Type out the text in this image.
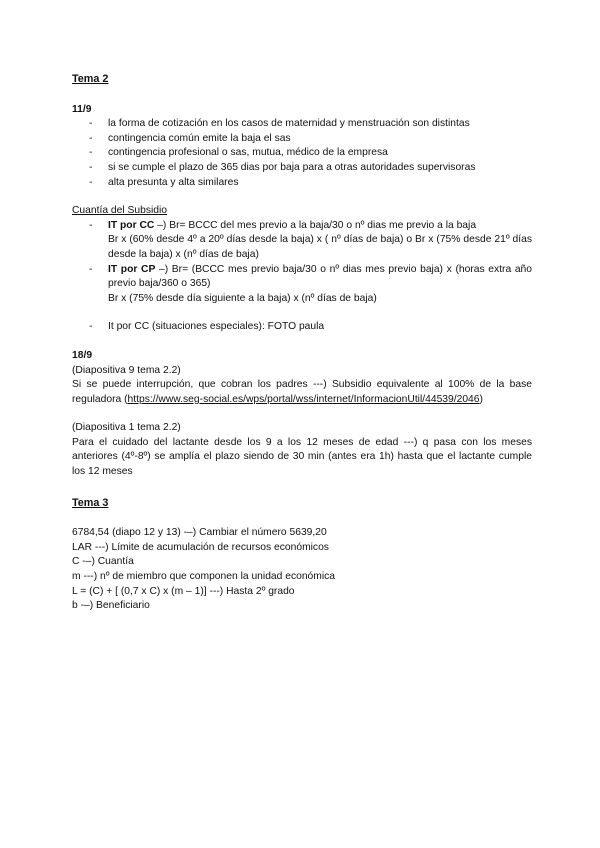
Tema 2

11/9

- la forma de cotización en los casos de maternidad y menstruación son distintas
- contingencia común emite la baja el sas
- contingencia profesional o sas, mutua, médico de la empresa
- si se cumple el plazo de 365 dias por baja para a otras autoridades supervisoras
- alta presunta y alta similares

Cuantía del Subsidio

- IT por CC –) Br= BCCC del mes previo a la baja/30 o nº dias me previo a la baja
Br x (60% desde 4º a 20º días desde la baja) x ( nº días de baja) o Br x (75% desde 21º días desde la baja) x (nº días de baja)
- IT por CP –) Br= (BCCC mes previo baja/30 o nº dias mes previo baja) x (horas extra año previo baja/360 o 365)
Br x (75% desde día siguiente a la baja) x (nº días de baja)
- It por CC (situaciones especiales): FOTO paula

18/9

(Diapositiva 9 tema 2.2)

Si se puede interrupción, que cobran los padres ---) Subsidio equivalente al 100% de la base reguladora (https://www.seg-social.es/wps/portal/wss/internet/InformacionUtil/44539/2046)

(Diapositiva 1 tema 2.2)

Para el cuidado del lactante desde los 9 a los 12 meses de edad ---) q pasa con los meses anteriores (4º-8º) se amplía el plazo siendo de 30 min (antes era 1h) hasta que el lactante cumple los 12 meses

Tema 3

6784,54 (diapo 12 y 13) -–) Cambiar el número 5639,20

LAR ---) Límite de acumulación de recursos económicos

C -–) Cuantía

m ---) nº de miembro que componen la unidad económica

L = (C) + [ (0,7 x C) x (m – 1)] ---) Hasta 2º grado

b -–) Beneficiario
